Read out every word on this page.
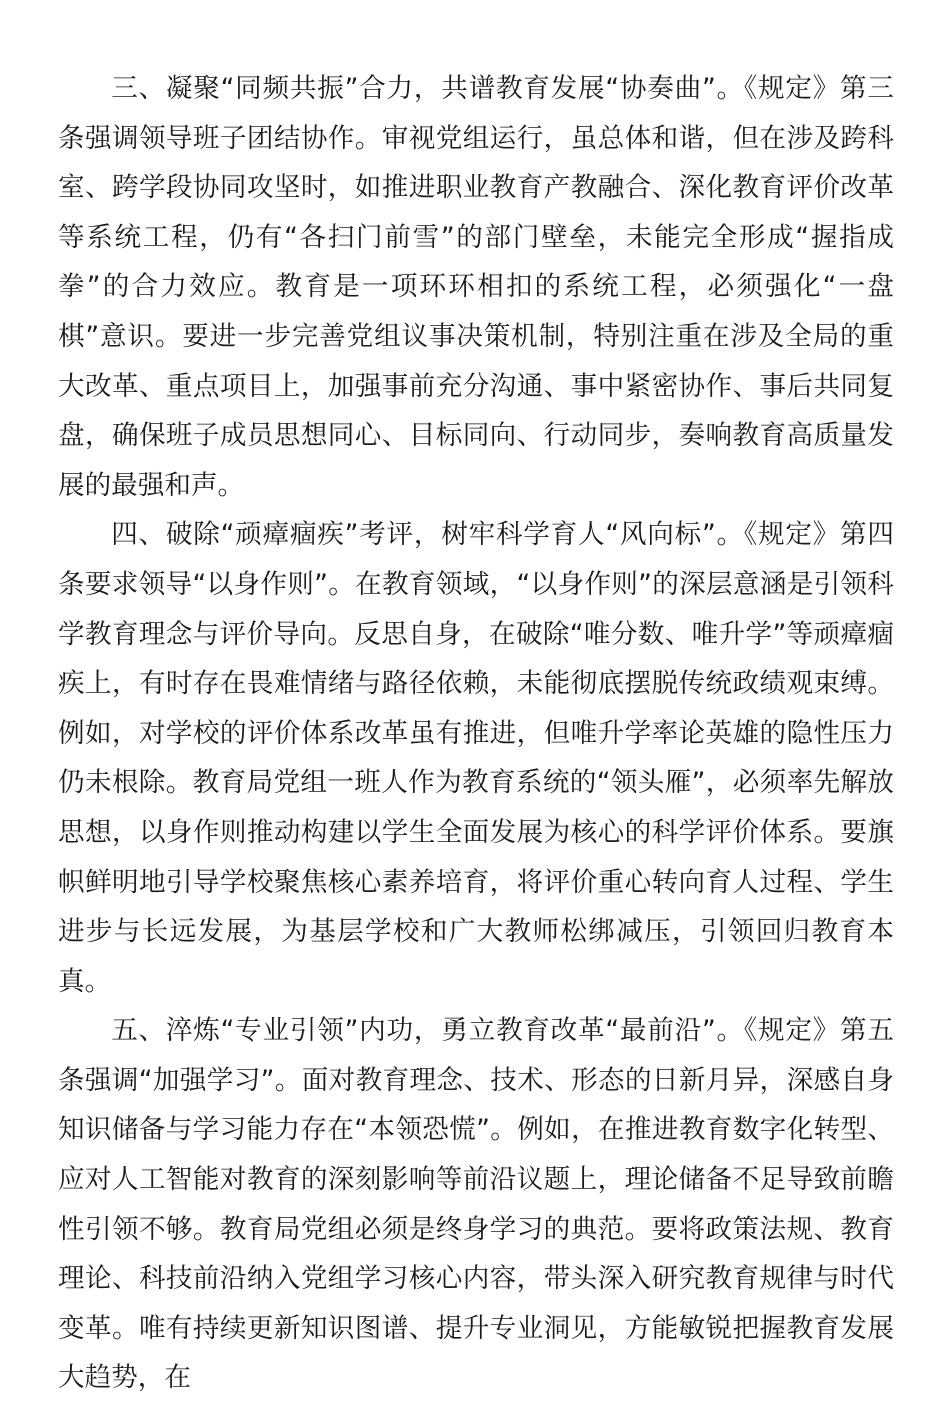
三、凝聚“同频共振”合力，共谱教育发展“协奏曲”。《规定》第三条强调领导班子团结协作。审视党组运行，虽总体和谐，但在涉及跨科室、跨学段协同攻坚时，如推进职业教育产教融合、深化教育评价改革等系统工程，仍有“各扫门前雪”的部门壁垒，未能完全形成“握指成拳”的合力效应。教育是一项环环相扣的系统工程，必须强化“一盘棋”意识。要进一步完善党组议事决策机制，特别注重在涉及全局的重大改革、重点项目上，加强事前充分沟通、事中紧密协作、事后共同复盘，确保班子成员思想同心、目标同向、行动同步，奏响教育高质量发展的最强和声。

四、破除“顽瘴痼疾”考评，树牢科学育人“风向标”。《规定》第四条要求领导“以身作则”。在教育领域，“以身作则”的深层意涵是引领科学教育理念与评价导向。反思自身，在破除“唯分数、唯升学”等顽瘴痼疾上，有时存在畏难情绪与路径依赖，未能彻底摆脱传统政绩观束缚。例如，对学校的评价体系改革虽有推进，但唯升学率论英雄的隐性压力仍未根除。教育局党组一班人作为教育系统的“领头雁”，必须率先解放思想，以身作则推动构建以学生全面发展为核心的科学评价体系。要旗帜鲜明地引导学校聚焦核心素养培育，将评价重心转向育人过程、学生进步与长远发展，为基层学校和广大教师松绑减压，引领回归教育本真。

五、淬炼“专业引领”内功，勇立教育改革“最前沿”。《规定》第五条强调“加强学习”。面对教育理念、技术、形态的日新月异，深感自身知识储备与学习能力存在“本领恐慌”。例如，在推进教育数字化转型、应对人工智能对教育的深刻影响等前沿议题上，理论储备不足导致前瞻性引领不够。教育局党组必须是终身学习的典范。要将政策法规、教育理论、科技前沿纳入党组学习核心内容，带头深入研究教育规律与时代变革。唯有持续更新知识图谱、提升专业洞见，方能敏锐把握教育发展大趋势，在
